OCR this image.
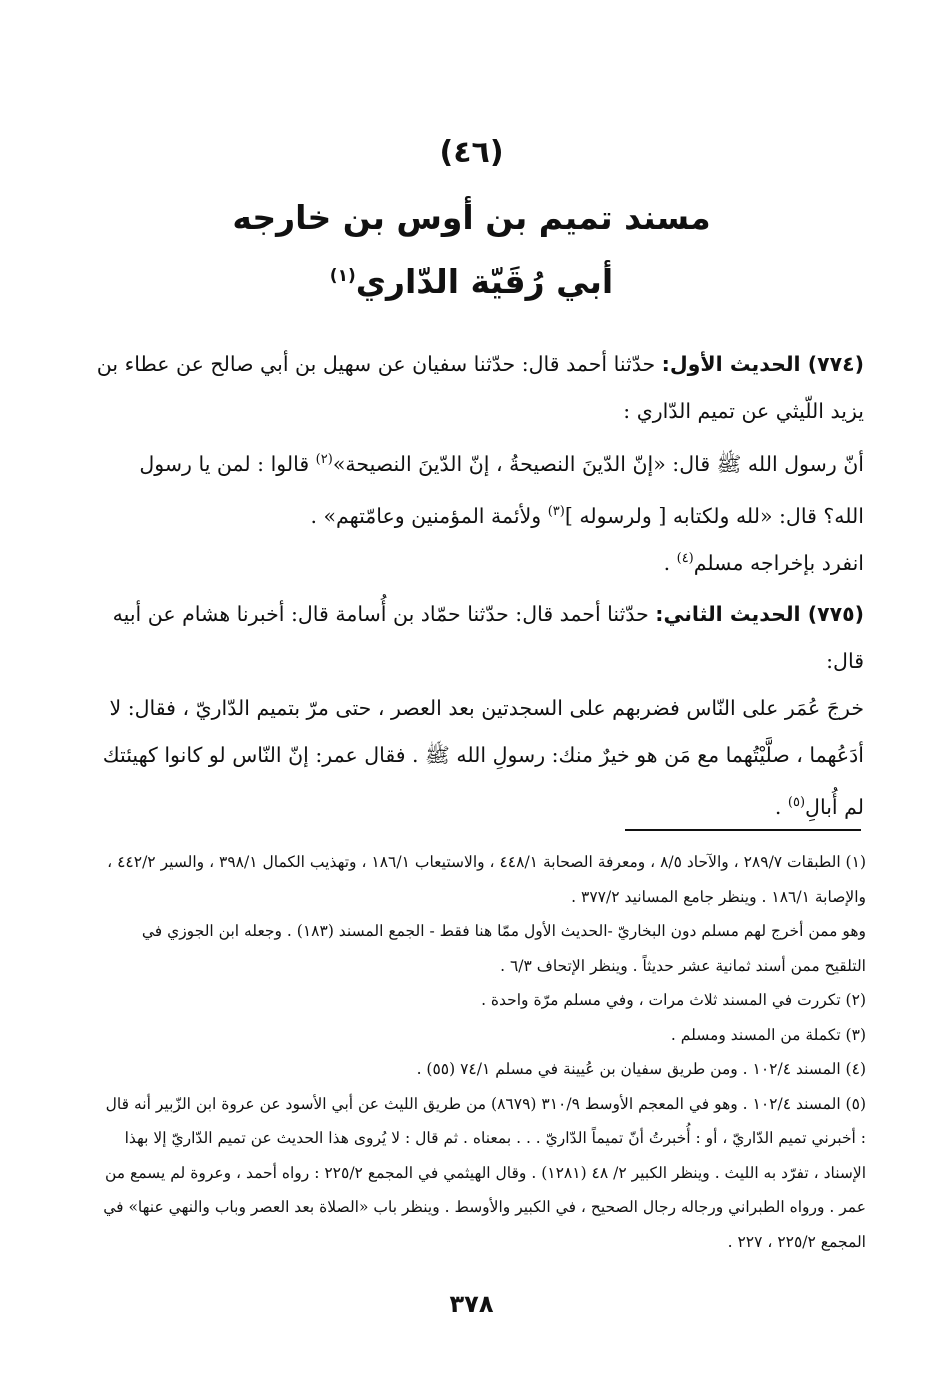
(٤٦)
مسند تميم بن أوس بن خارجه
أبي رُقَيّة الدّاري$^{(١)}$

(٧٧٤) الحديث الأول: حدّثنا أحمد قال: حدّثنا سفيان عن سهيل بن أبي صالح عن عطاء بن يزيد اللّيثي عن تميم الدّاري :

أنّ رسول الله ﷺ قال: «إنّ الدّينَ النصيحةُ ، إنّ الدّينَ النصيحة»$^{(٢)}$ قالوا : لمن يا رسول الله؟ قال: «لله ولكتابه [ ولرسوله ]$^{(٣)}$ ولأئمة المؤمنين وعامّتهم» .

انفرد بإخراجه مسلم$^{(٤)}$ .

(٧٧٥) الحديث الثاني: حدّثنا أحمد قال: حدّثنا حمّاد بن أُسامة قال: أخبرنا هشام عن أبيه قال:

خرجَ عُمَر على النّاس فضربهم على السجدتين بعد العصر ، حتى مرّ بتميم الدّاريّ ، فقال: لا أدَعُهما ، صلَّيْتُهما مع مَن هو خيرٌ منك: رسولِ الله ﷺ . فقال عمر: إنّ النّاس لو كانوا كهيئتك لم أُبالِ$^{(٥)}$ .

(١) الطبقات ٢٨٩/٧ ، والآحاد ٨/٥ ، ومعرفة الصحابة ٤٤٨/١ ، والاستيعاب ١٨٦/١ ، وتهذيب الكمال ٣٩٨/١ ، والسير ٤٤٢/٢ ، والإصابة ١٨٦/١ . وينظر جامع المسانيد ٣٧٧/٢ .

وهو ممن أخرج لهم مسلم دون البخاريّ -الحديث الأول ممّا هنا فقط - الجمع المسند (١٨٣) . وجعله ابن الجوزي في التلقيح ممن أسند ثمانية عشر حديثاً . وينظر الإتحاف ٦/٣ .

(٢) تكررت في المسند ثلاث مرات ، وفي مسلم مرّة واحدة .

(٣) تكملة من المسند ومسلم .

(٤) المسند ١٠٢/٤ . ومن طريق سفيان بن عُيينة في مسلم ٧٤/١ (٥٥) .

(٥) المسند ١٠٢/٤ . وهو في المعجم الأوسط ٣١٠/٩ (٨٦٧٩) من طريق الليث عن أبي الأسود عن عروة ابن الزّبير أنه قال : أخبرني تميم الدّاريّ ، أو : أُخبرتُ أنّ تميماً الدّاريّ . . . بمعناه . ثم قال : لا يُروى هذا الحديث عن تميم الدّاريّ إلا بهذا الإسناد ، تفرّد به الليث . وينظر الكبير ٢/ ٤٨ (١٢٨١) . وقال الهيثمي في المجمع ٢٢٥/٢ : رواه أحمد ، وعروة لم يسمع من عمر . ورواه الطبراني ورجاله رجال الصحيح ، في الكبير والأوسط . وينظر باب «الصلاة بعد العصر وباب والنهي عنها» في المجمع ٢٢٥/٢ ، ٢٢٧ .

٣٧٨
